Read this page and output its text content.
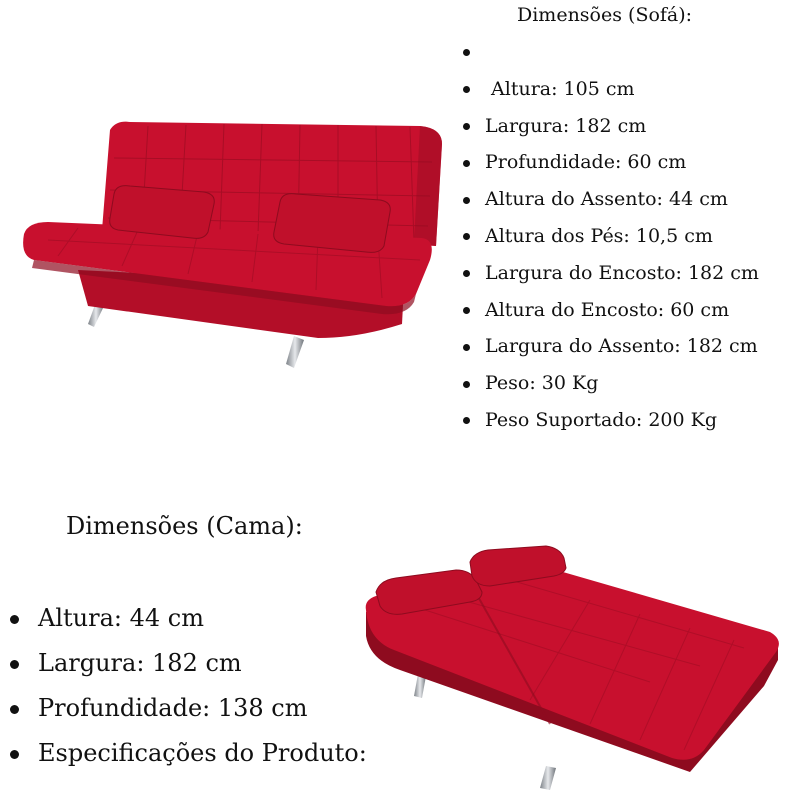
Dimensões (Sofá):
Altura: 105 cm
Largura: 182 cm
Profundidade: 60 cm
Altura do Assento: 44 cm
Altura dos Pés: 10,5 cm
Largura do Encosto: 182 cm
Altura do Encosto: 60 cm
Largura do Assento: 182 cm
Peso: 30 Kg
Peso Suportado: 200 Kg
Dimensões (Cama):
Altura: 44 cm
Largura: 182 cm
Profundidade: 138 cm
Especificações do Produto:
